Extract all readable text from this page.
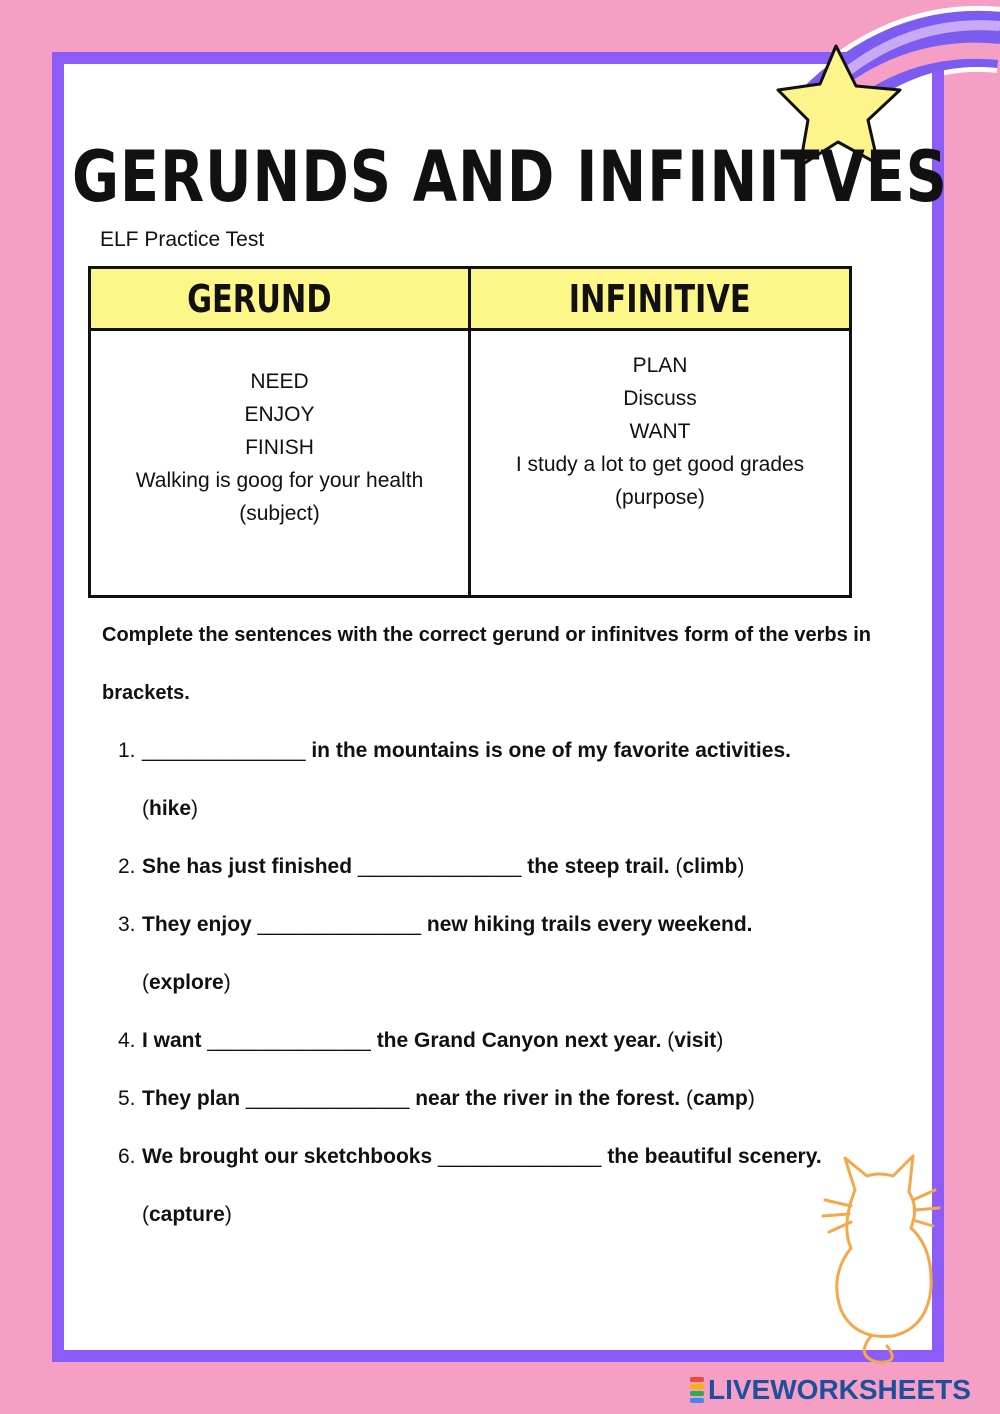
GERUNDS AND INFINITVES
ELF Practice Test
GERUND
NEED
ENJOY
FINISH
Walking is goog for your health
(subject)
INFINITIVE
PLAN
Discuss
WANT
I study a lot to get good grades
(purpose)

Complete the sentences with the correct gerund or infinitves form of the verbs in brackets.

1. ______________ in the mountains is one of my favorite activities.
(hike)
2. She has just finished ______________ the steep trail. (climb)
3. They enjoy ______________ new hiking trails every weekend.
(explore)
4. I want ______________ the Grand Canyon next year. (visit)
5. They plan ______________ near the river in the forest. (camp)
6. We brought our sketchbooks ______________ the beautiful scenery. (capture)
LIVEWORKSHEETS
